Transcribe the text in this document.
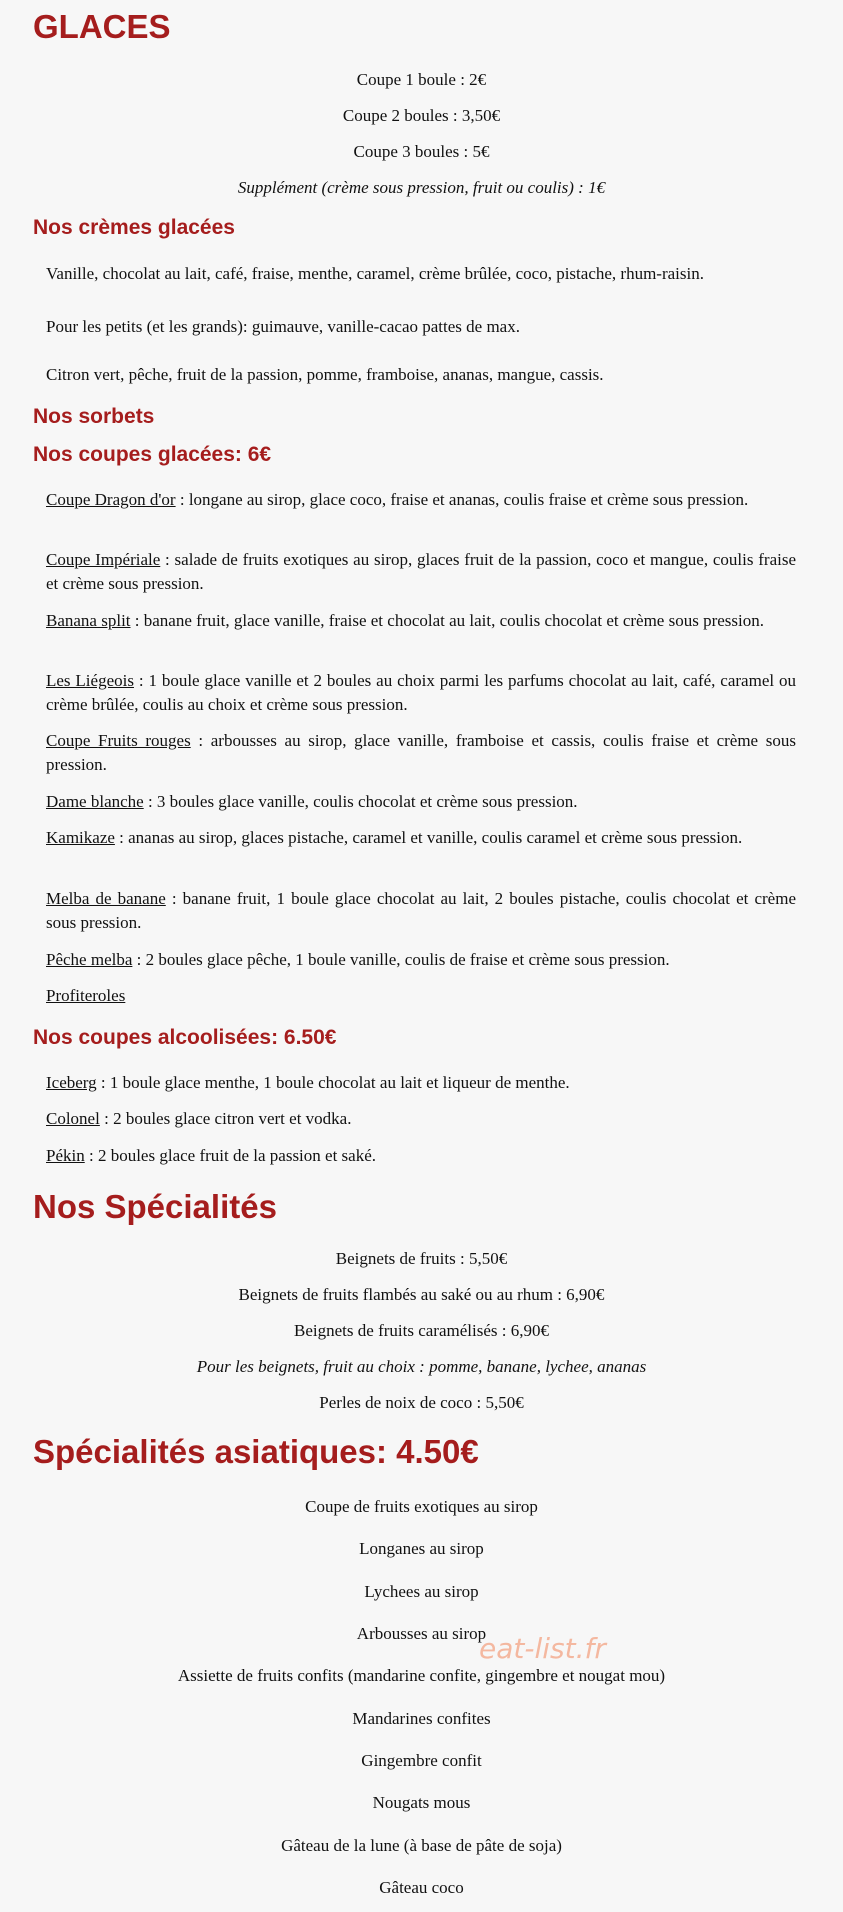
GLACES

Coupe 1 boule : 2€

Coupe 2 boules : 3,50€

Coupe 3 boules : 5€

Supplément (crème sous pression, fruit ou coulis) : 1€

Nos crèmes glacées

Vanille, chocolat au lait, café, fraise, menthe, caramel, crème brûlée, coco, pistache, rhum-raisin.

Pour les petits (et les grands): guimauve, vanille-cacao pattes de max.

Citron vert, pêche, fruit de la passion, pomme, framboise, ananas, mangue, cassis.

Nos sorbets
Nos coupes glacées: 6€

Coupe Dragon d'or : longane au sirop, glace coco, fraise et ananas, coulis fraise et crème sous pression.

Coupe Impériale : salade de fruits exotiques au sirop, glaces fruit de la passion, coco et mangue, coulis fraise et crème sous pression.

Banana split : banane fruit, glace vanille, fraise et chocolat au lait, coulis chocolat et crème sous pression.

Les Liégeois : 1 boule glace vanille et 2 boules au choix parmi les parfums chocolat au lait, café, caramel ou crème brûlée, coulis au choix et crème sous pression.

Coupe Fruits rouges : arbousses au sirop, glace vanille, framboise et cassis, coulis fraise et crème sous pression.

Dame blanche : 3 boules glace vanille, coulis chocolat et crème sous pression.

Kamikaze : ananas au sirop, glaces pistache, caramel et vanille, coulis caramel et crème sous pression.

Melba de banane : banane fruit, 1 boule glace chocolat au lait, 2 boules pistache, coulis chocolat et crème sous pression.

Pêche melba : 2 boules glace pêche, 1 boule vanille, coulis de fraise et crème sous pression.

Profiteroles

Nos coupes alcoolisées: 6.50€

Iceberg : 1 boule glace menthe, 1 boule chocolat au lait et liqueur de menthe.

Colonel : 2 boules glace citron vert et vodka.

Pékin : 2 boules glace fruit de la passion et saké.

Nos Spécialités

Beignets de fruits : 5,50€

Beignets de fruits flambés au saké ou au rhum : 6,90€

Beignets de fruits caramélisés : 6,90€

Pour les beignets, fruit au choix : pomme, banane, lychee, ananas

Perles de noix de coco : 5,50€

Spécialités asiatiques: 4.50€

Coupe de fruits exotiques au sirop

Longanes au sirop

Lychees au sirop

Arbousses au sirop

Assiette de fruits confits (mandarine confite, gingembre et nougat mou)

Mandarines confites

Gingembre confit

Nougats mous

Gâteau de la lune (à base de pâte de soja)

Gâteau coco

eat-list.fr
